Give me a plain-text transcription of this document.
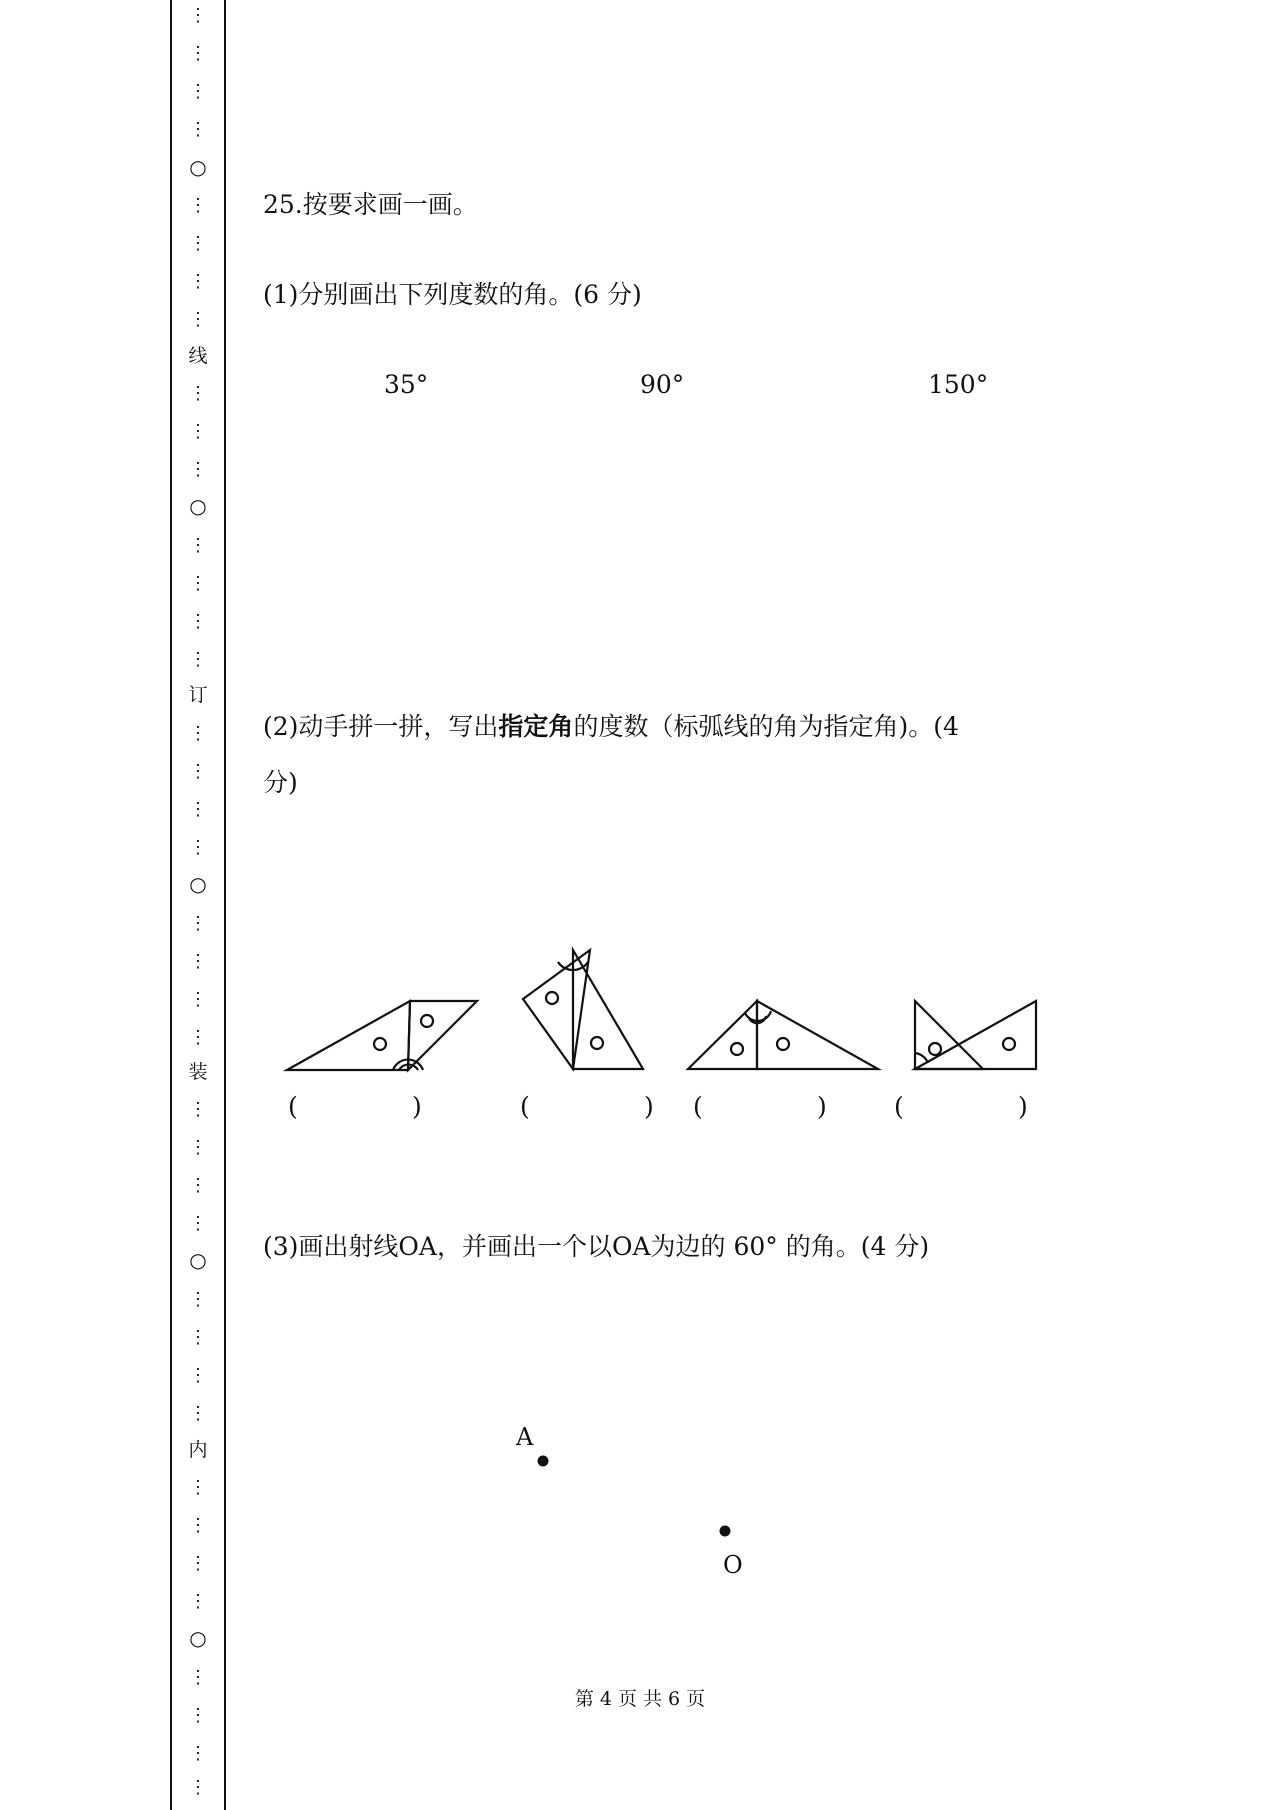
⋮
⋮
⋮
⋮
○
⋮
⋮
⋮
⋮
线
⋮
⋮
⋮
○
⋮
⋮
⋮
⋮
订
⋮
⋮
⋮
⋮
○
⋮
⋮
⋮
⋮
装
⋮
⋮
⋮
⋮
○
⋮
⋮
⋮
⋮
内
⋮
⋮
⋮
⋮
○
⋮
⋮
⋮
⋮
25.按要求画一画。
(1)分别画出下列度数的角。(6 分)
35°	90°	150°
(2)动手拼一拼，写出指定角的度数（标弧线的角为指定角)。(4
分)
(	)	(	) (	)	(	)
(3)画出射线OA，并画出一个以OA为边的 60° 的角。(4 分)
A
O
第 4 页 共 6 页
